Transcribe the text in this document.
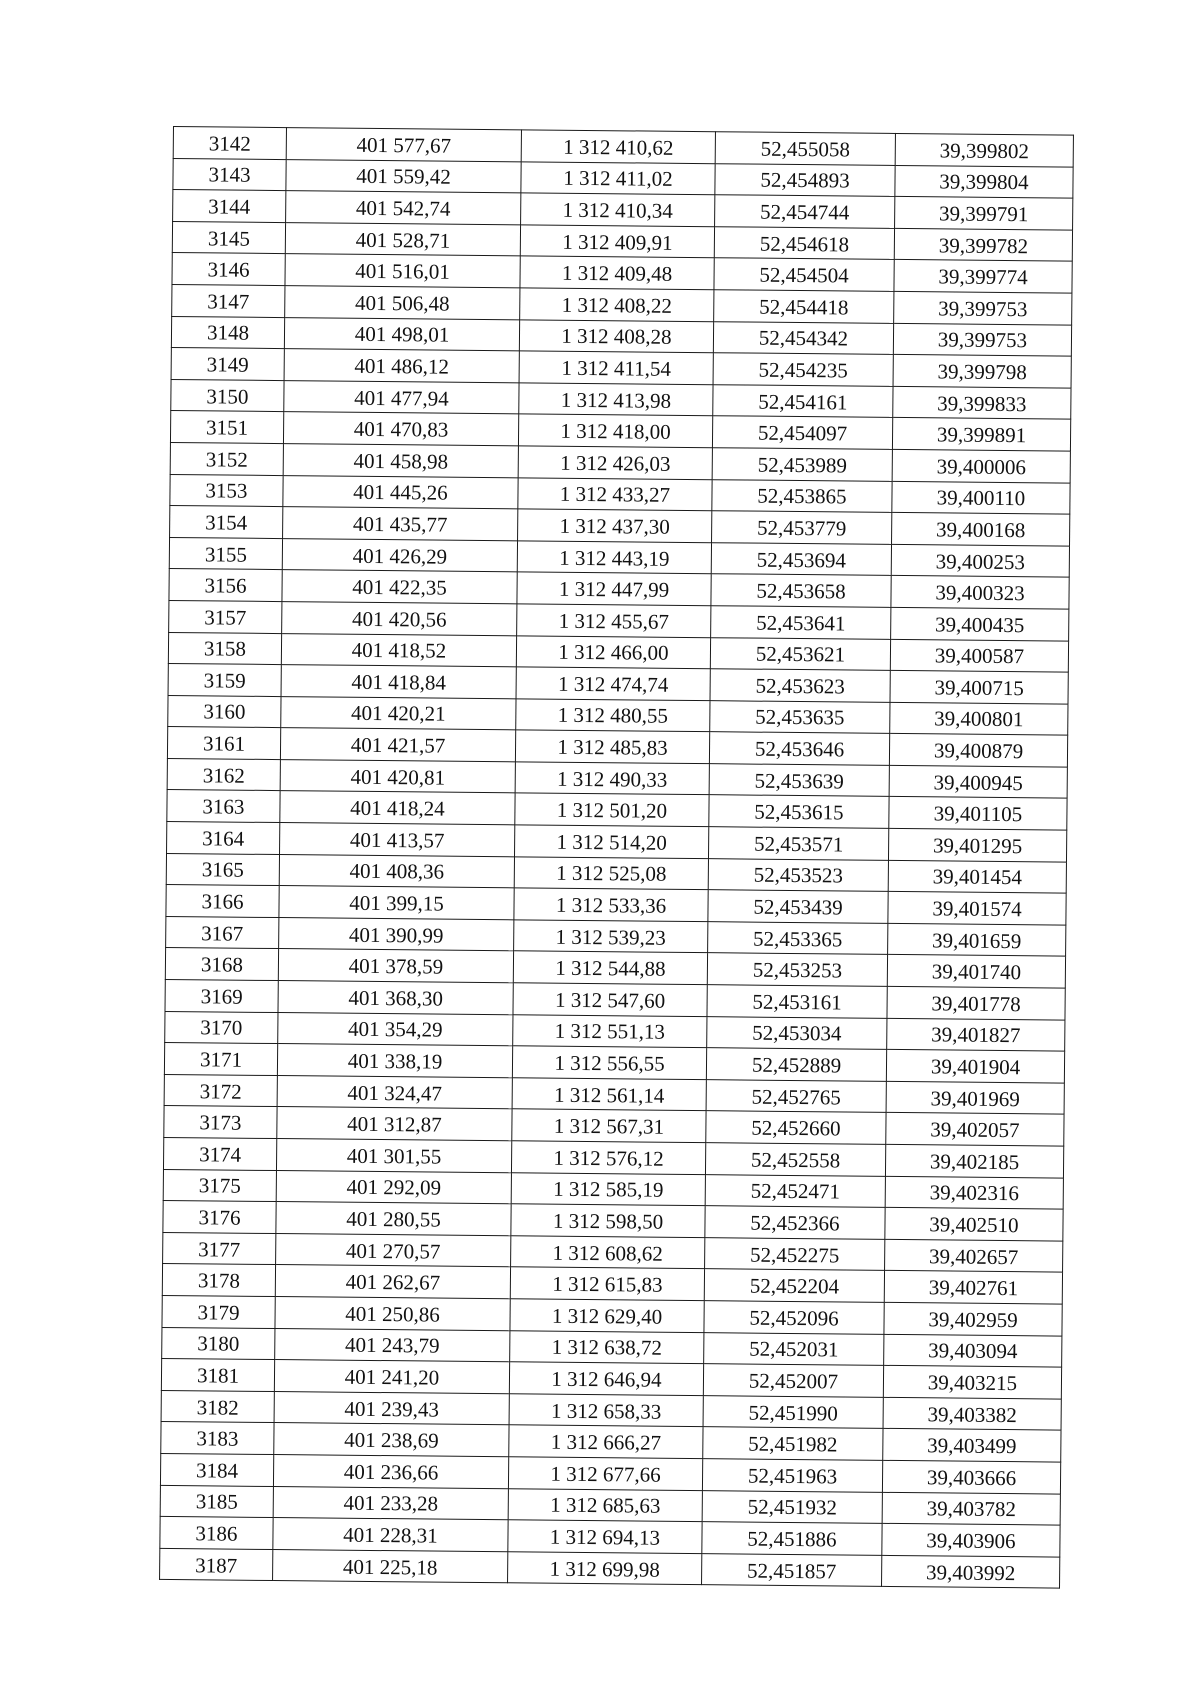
3142	401 577,67	1 312 410,62	52,455058	39,399802
3143	401 559,42	1 312 411,02	52,454893	39,399804
3144	401 542,74	1 312 410,34	52,454744	39,399791
3145	401 528,71	1 312 409,91	52,454618	39,399782
3146	401 516,01	1 312 409,48	52,454504	39,399774
3147	401 506,48	1 312 408,22	52,454418	39,399753
3148	401 498,01	1 312 408,28	52,454342	39,399753
3149	401 486,12	1 312 411,54	52,454235	39,399798
3150	401 477,94	1 312 413,98	52,454161	39,399833
3151	401 470,83	1 312 418,00	52,454097	39,399891
3152	401 458,98	1 312 426,03	52,453989	39,400006
3153	401 445,26	1 312 433,27	52,453865	39,400110
3154	401 435,77	1 312 437,30	52,453779	39,400168
3155	401 426,29	1 312 443,19	52,453694	39,400253
3156	401 422,35	1 312 447,99	52,453658	39,400323
3157	401 420,56	1 312 455,67	52,453641	39,400435
3158	401 418,52	1 312 466,00	52,453621	39,400587
3159	401 418,84	1 312 474,74	52,453623	39,400715
3160	401 420,21	1 312 480,55	52,453635	39,400801
3161	401 421,57	1 312 485,83	52,453646	39,400879
3162	401 420,81	1 312 490,33	52,453639	39,400945
3163	401 418,24	1 312 501,20	52,453615	39,401105
3164	401 413,57	1 312 514,20	52,453571	39,401295
3165	401 408,36	1 312 525,08	52,453523	39,401454
3166	401 399,15	1 312 533,36	52,453439	39,401574
3167	401 390,99	1 312 539,23	52,453365	39,401659
3168	401 378,59	1 312 544,88	52,453253	39,401740
3169	401 368,30	1 312 547,60	52,453161	39,401778
3170	401 354,29	1 312 551,13	52,453034	39,401827
3171	401 338,19	1 312 556,55	52,452889	39,401904
3172	401 324,47	1 312 561,14	52,452765	39,401969
3173	401 312,87	1 312 567,31	52,452660	39,402057
3174	401 301,55	1 312 576,12	52,452558	39,402185
3175	401 292,09	1 312 585,19	52,452471	39,402316
3176	401 280,55	1 312 598,50	52,452366	39,402510
3177	401 270,57	1 312 608,62	52,452275	39,402657
3178	401 262,67	1 312 615,83	52,452204	39,402761
3179	401 250,86	1 312 629,40	52,452096	39,402959
3180	401 243,79	1 312 638,72	52,452031	39,403094
3181	401 241,20	1 312 646,94	52,452007	39,403215
3182	401 239,43	1 312 658,33	52,451990	39,403382
3183	401 238,69	1 312 666,27	52,451982	39,403499
3184	401 236,66	1 312 677,66	52,451963	39,403666
3185	401 233,28	1 312 685,63	52,451932	39,403782
3186	401 228,31	1 312 694,13	52,451886	39,403906
3187	401 225,18	1 312 699,98	52,451857	39,403992
